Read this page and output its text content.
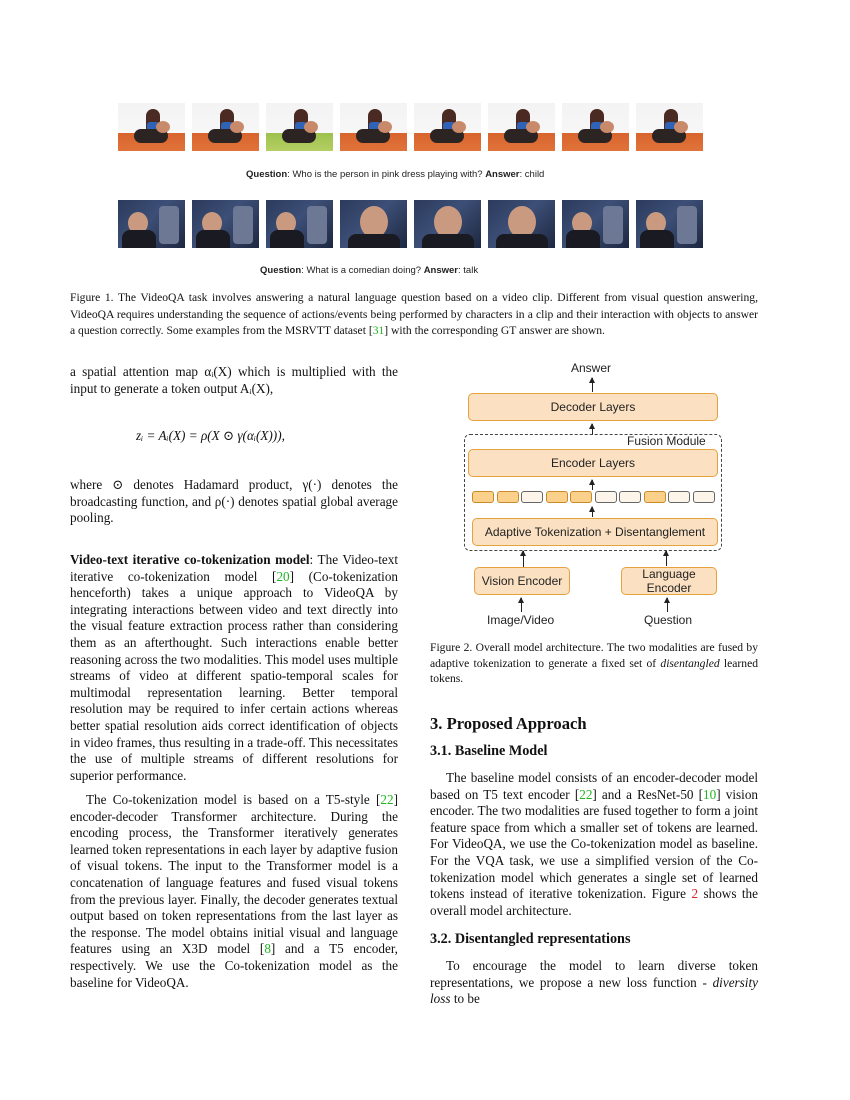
Question: Who is the person in pink dress playing with? Answer: child
Question: What is a comedian doing? Answer: talk
Figure 1. The VideoQA task involves answering a natural language question based on a video clip. Different from visual question answering, VideoQA requires understanding the sequence of actions/events being performed by characters in a clip and their interaction with objects to answer a question correctly. Some examples from the MSRVTT dataset [31] with the corresponding GT answer are shown.

a spatial attention map αᵢ(X) which is multiplied with the input to generate a token output Aᵢ(X),

zᵢ = Aᵢ(X) = ρ(X ⊙ γ(αᵢ(X))),

where ⊙ denotes Hadamard product, γ(·) denotes the broadcasting function, and ρ(·) denotes spatial global average pooling.

Video-text iterative co-tokenization model: The Video-text iterative co-tokenization model [20] (Co-tokenization henceforth) takes a unique approach to VideoQA by integrating interactions between video and text directly into the visual feature extraction process rather than considering them as an afterthought. Such interactions enable better reasoning across the two modalities. This model uses multiple streams of video at different spatio-temporal scales for multimodal representation learning. Better temporal resolution may be required to infer certain actions whereas better spatial resolution aids correct identification of objects in video frames, thus resulting in a trade-off. This necessitates the use of multiple streams of different resolutions for superior performance.

The Co-tokenization model is based on a T5-style [22] encoder-decoder Transformer architecture. During the encoding process, the Transformer iteratively generates learned token representations in each layer by adaptive fusion of visual tokens. The input to the Transformer model is a concatenation of language features and fused visual tokens from the previous layer. Finally, the decoder generates textual output based on token representations from the last layer as the response. The model obtains initial visual and language features using an X3D model [8] and a T5 encoder, respectively. We use the Co-tokenization model as the baseline for VideoQA.

Answer
Decoder Layers
Fusion Module
Encoder Layers
Adaptive Tokenization + Disentanglement
Vision Encoder	Language
Encoder
Image/Video	Question
Figure 2. Overall model architecture. The two modalities are fused by adaptive tokenization to generate a fixed set of disentangled learned tokens.
3. Proposed Approach
3.1. Baseline Model

The baseline model consists of an encoder-decoder model based on T5 text encoder [22] and a ResNet-50 [10] vision encoder. The two modalities are fused together to form a joint feature space from which a smaller set of tokens are learned. For VideoQA, we use the Co-tokenization model as baseline. For the VQA task, we use a simplified version of the Co-tokenization model which generates a single set of learned tokens instead of iterative tokenization. Figure 2 shows the overall model architecture.

3.2. Disentangled representations

To encourage the model to learn diverse token representations, we propose a new loss function - diversity loss to be
